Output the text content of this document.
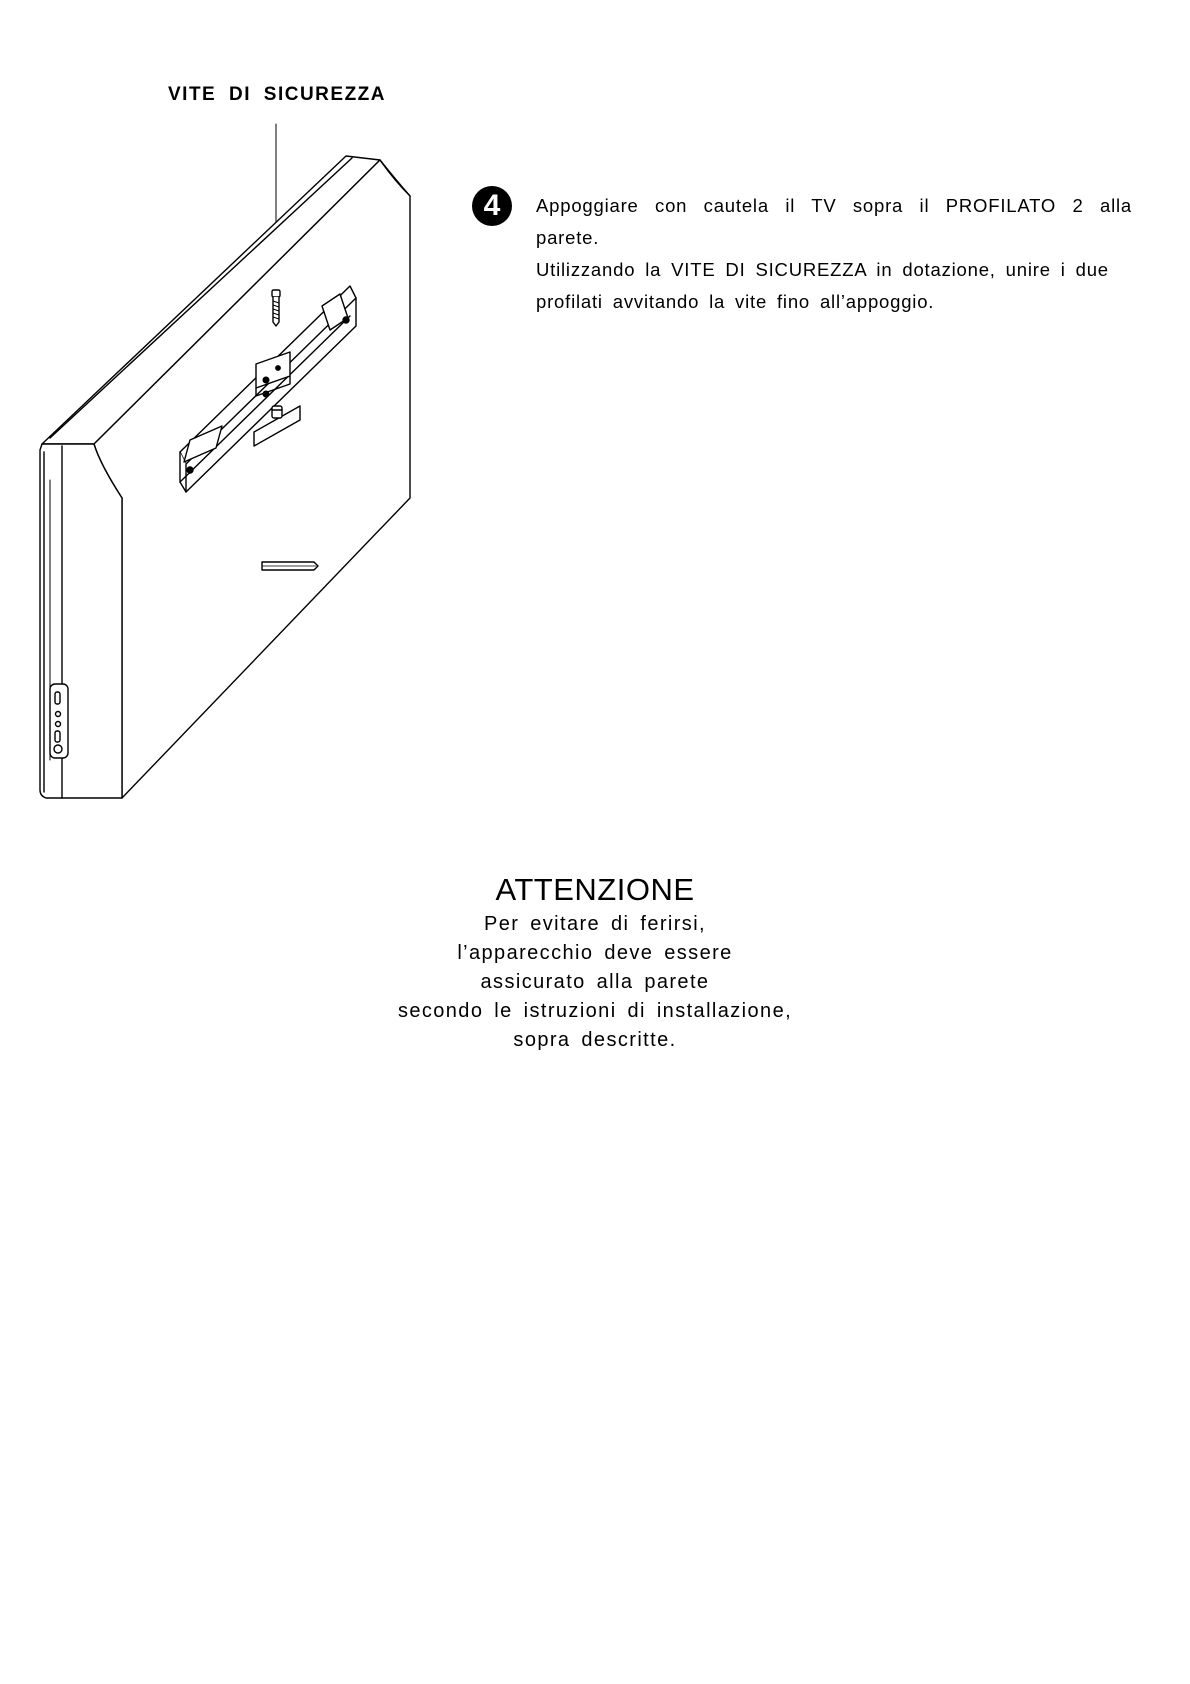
VITE DI SICUREZZA
4	Appoggiare con cautela il TV sopra il PROFILATO 2 alla parete.

Utilizzando la VITE DI SICUREZZA in dotazione, unire i due

profilati avvitando la vite fino all’appoggio.

ATTENZIONE

Per evitare di ferirsi,

l’apparecchio deve essere

assicurato alla parete

secondo le istruzioni di installazione,

sopra descritte.
